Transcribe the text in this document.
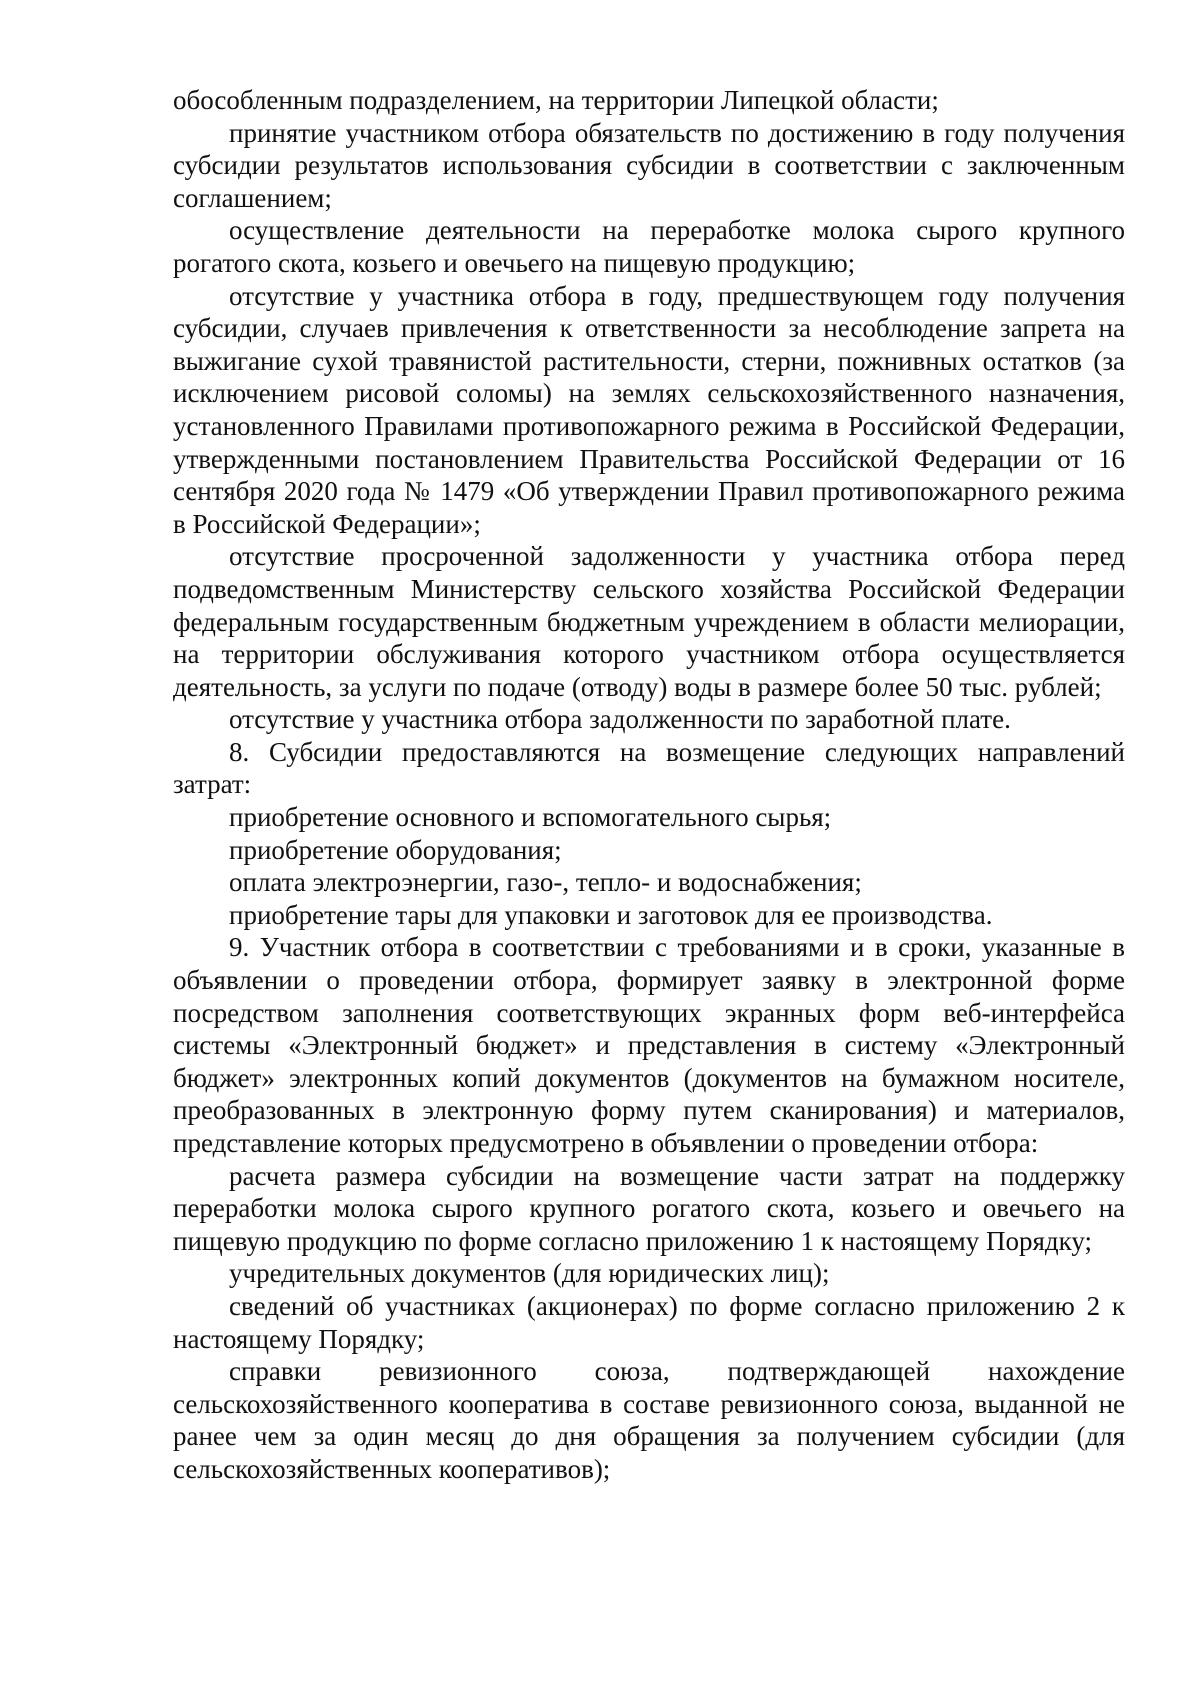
обособленным подразделением, на территории Липецкой области;

принятие участником отбора обязательств по достижению в году получения субсидии результатов использования субсидии в соответствии с заключенным соглашением;

осуществление деятельности на переработке молока сырого крупного рогатого скота, козьего и овечьего на пищевую продукцию;

отсутствие у участника отбора в году, предшествующем году получения субсидии, случаев привлечения к ответственности за несоблюдение запрета на выжигание сухой травянистой растительности, стерни, пожнивных остатков (за исключением рисовой соломы) на землях сельскохозяйственного назначения, установленного Правилами противопожарного режима в Российской Федерации, утвержденными постановлением Правительства Российской Федерации от 16 сентября 2020 года № 1479 «Об утверждении Правил противопожарного режима в Российской Федерации»;

отсутствие просроченной задолженности у участника отбора перед подведомственным Министерству сельского хозяйства Российской Федерации федеральным государственным бюджетным учреждением в области мелиорации, на территории обслуживания которого участником отбора осуществляется деятельность, за услуги по подаче (отводу) воды в размере более 50 тыс. рублей;

отсутствие у участника отбора задолженности по заработной плате.

8. Субсидии предоставляются на возмещение следующих направлений затрат:

приобретение основного и вспомогательного сырья;

приобретение оборудования;

оплата электроэнергии, газо-, тепло- и водоснабжения;

приобретение тары для упаковки и заготовок для ее производства.

9. Участник отбора в соответствии с требованиями и в сроки, указанные в объявлении о проведении отбора, формирует заявку в электронной форме посредством заполнения соответствующих экранных форм веб-интерфейса системы «Электронный бюджет» и представления в систему «Электронный бюджет» электронных копий документов (документов на бумажном носителе, преобразованных в электронную форму путем сканирования) и материалов, представление которых предусмотрено в объявлении о проведении отбора:

расчета размера субсидии на возмещение части затрат на поддержку переработки молока сырого крупного рогатого скота, козьего и овечьего на пищевую продукцию по форме согласно приложению 1 к настоящему Порядку;

учредительных документов (для юридических лиц);

сведений об участниках (акционерах) по форме согласно приложению 2 к настоящему Порядку;

справки ревизионного союза, подтверждающей нахождение сельскохозяйственного кооператива в составе ревизионного союза, выданной не ранее чем за один месяц до дня обращения за получением субсидии (для сельскохозяйственных кооперативов);
